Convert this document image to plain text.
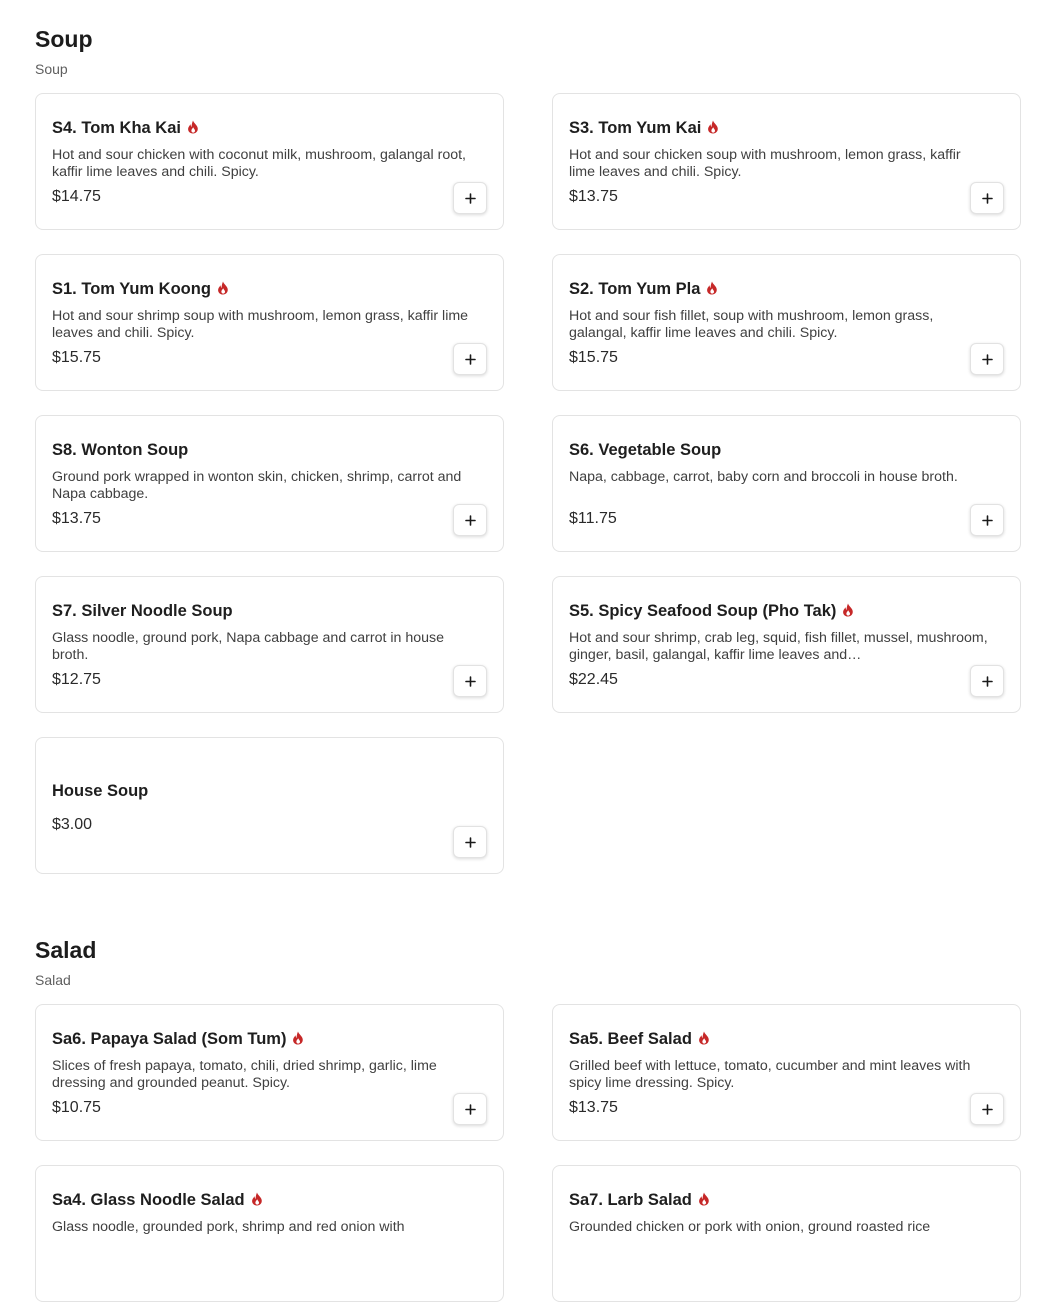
Soup
Soup
S4. Tom Kha Kai
Hot and sour chicken with coconut milk, mushroom, galangal root, kaffir lime leaves and chili. Spicy.
$14.75
S3. Tom Yum Kai
Hot and sour chicken soup with mushroom, lemon grass, kaffir lime leaves and chili. Spicy.
$13.75
S1. Tom Yum Koong
Hot and sour shrimp soup with mushroom, lemon grass, kaffir lime leaves and chili. Spicy.
$15.75
S2. Tom Yum Pla
Hot and sour fish fillet, soup with mushroom, lemon grass, galangal, kaffir lime leaves and chili. Spicy.
$15.75
S8. Wonton Soup
Ground pork wrapped in wonton skin, chicken, shrimp, carrot and Napa cabbage.
$13.75
S6. Vegetable Soup
Napa, cabbage, carrot, baby corn and broccoli in house broth.
$11.75
S7. Silver Noodle Soup
Glass noodle, ground pork, Napa cabbage and carrot in house broth.
$12.75
S5. Spicy Seafood Soup (Pho Tak)
Hot and sour shrimp, crab leg, squid, fish fillet, mussel, mushroom, ginger, basil, galangal, kaffir lime leaves and…
$22.45
House Soup
$3.00
Salad
Salad
Sa6. Papaya Salad (Som Tum)
Slices of fresh papaya, tomato, chili, dried shrimp, garlic, lime dressing and grounded peanut. Spicy.
$10.75
Sa5. Beef Salad
Grilled beef with lettuce, tomato, cucumber and mint leaves with spicy lime dressing. Spicy.
$13.75
Sa4. Glass Noodle Salad
Glass noodle, grounded pork, shrimp and red onion with
Sa7. Larb Salad
Grounded chicken or pork with onion, ground roasted rice
